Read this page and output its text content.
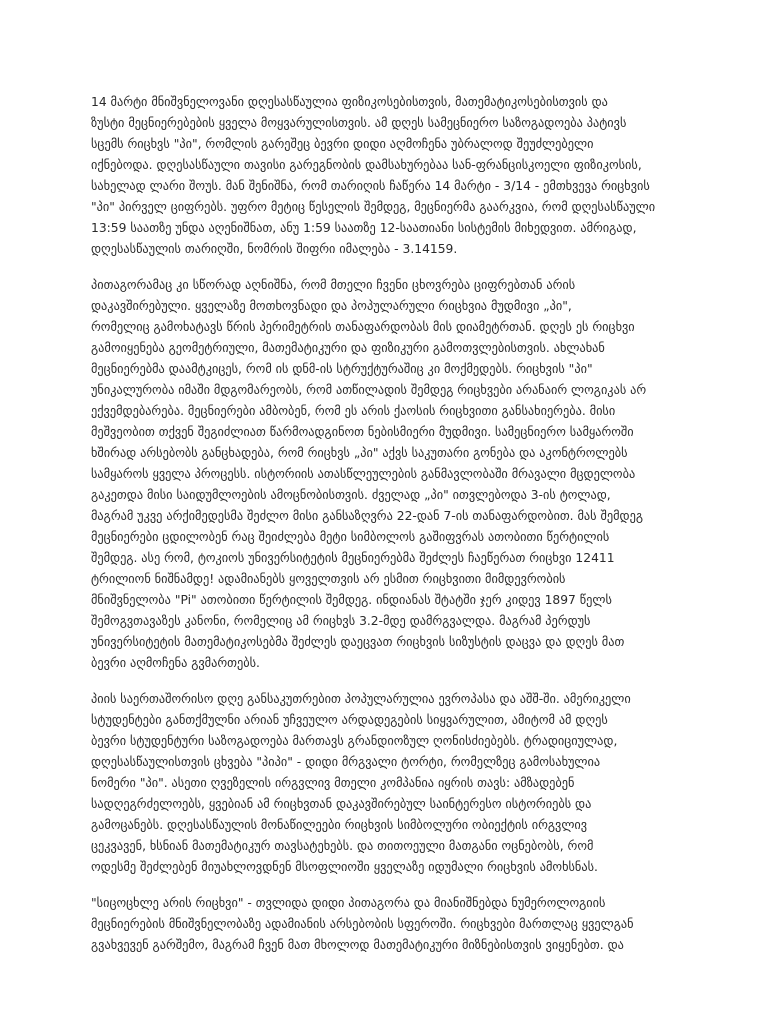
14 მარტი მნიშვნელოვანი დღესასწაულია ფიზიკოსებისთვის, მათემატიკოსებისთვის და
ზუსტი მეცნიერებების ყველა მოყვარულისთვის. ამ დღეს სამეცნიერო საზოგადოება პატივს
სცემს რიცხვს "პი", რომლის გარეშეც ბევრი დიდი აღმოჩენა უბრალოდ შეუძლებელი
იქნებოდა. დღესასწაული თავისი გარეგნობის დამსახურებაა სან-ფრანცისკოელი ფიზიკოსის,
სახელად ლარი შოუს. მან შენიშნა, რომ თარიღის ჩაწერა 14 მარტი - 3/14 - ემთხვევა რიცხვის
"პი" პირველ ციფრებს. უფრო მეტიც წესელის შემდეგ, მეცნიერმა გაარკვია, რომ დღესასწაული
13:59 საათზე უნდა აღენიშნათ, ანუ 1:59 საათზე 12-საათიანი სისტემის მიხედვით. ამრიგად,
დღესასწაულის თარიღში, ნომრის შიფრი იმალება - 3.14159.

პითაგორამაც კი სწორად აღნიშნა, რომ მთელი ჩვენი ცხოვრება ციფრებთან არის
დაკავშირებული. ყველაზე მოთხოვნადი და პოპულარული რიცხვია მუდმივი „პი",
რომელიც გამოხატავს წრის პერიმეტრის თანაფარდობას მის დიამეტრთან. დღეს ეს რიცხვი
გამოიყენება გეომეტრიული, მათემატიკური და ფიზიკური გამოთვლებისთვის. ახლახან
მეცნიერებმა დაამტკიცეს, რომ ის დნმ-ის სტრუქტურაშიც კი მოქმედებს. რიცხვის "პი"
უნიკალურობა იმაში მდგომარეობს, რომ ათწილადის შემდეგ რიცხვები არანაირ ლოგიკას არ
ექვემდებარება. მეცნიერები ამბობენ, რომ ეს არის ქაოსის რიცხვითი განსახიერება. მისი
მეშვეობით თქვენ შეგიძლიათ წარმოადგინოთ ნებისმიერი მუდმივი. სამეცნიერო სამყაროში
ხშირად არსებობს განცხადება, რომ რიცხვს „პი" აქვს საკუთარი გონება და აკონტროლებს
სამყაროს ყველა პროცესს. ისტორიის ათასწლეულების განმავლობაში მრავალი მცდელობა
გაკეთდა მისი საიდუმლოების ამოცნობისთვის. ძველად „პი" ითვლებოდა 3-ის ტოლად,
მაგრამ უკვე არქიმედესმა შეძლო მისი განსაზღვრა 22-დან 7-ის თანაფარდობით. მას შემდეგ
მეცნიერები ცდილობენ რაც შეიძლება მეტი სიმბოლოს გაშიფვრას ათობითი წერტილის
შემდეგ. ასე რომ, ტოკიოს უნივერსიტეტის მეცნიერებმა შეძლეს ჩაეწერათ რიცხვი 12411
ტრილიონ ნიშნამდე! ადამიანებს ყოველთვის არ ესმით რიცხვითი მიმდევრობის
მნიშვნელობა "Pi" ათობითი წერტილის შემდეგ. ინდიანას შტატში ჯერ კიდევ 1897 წელს
შემოგვთავაზეს კანონი, რომელიც ამ რიცხვს 3.2-მდე დამრგვალდა. მაგრამ პერდუს
უნივერსიტეტის მათემატიკოსებმა შეძლეს დაეცვათ რიცხვის სიზუსტის დაცვა და დღეს მათ
ბევრი აღმოჩენა გვმართებს.

პიის საერთაშორისო დღე განსაკუთრებით პოპულარულია ევროპასა და აშშ-ში. ამერიკელი
სტუდენტები განთქმულნი არიან უჩვეულო არდადეგების სიყვარულით, ამიტომ ამ დღეს
ბევრი სტუდენტური საზოგადოება მართავს გრანდიოზულ ღონისძიებებს. ტრადიციულად,
დღესასწაულისთვის ცხვება "პიპი" - დიდი მრგვალი ტორტი, რომელზეც გამოსახულია
ნომერი "პი". ასეთი ღვეზელის ირგვლივ მთელი კომპანია იყრის თავს: ამზადებენ
სადღეგრძელოებს, ყვებიან ამ რიცხვთან დაკავშირებულ საინტერესო ისტორიებს და
გამოცანებს. დღესასწაულის მონაწილეები რიცხვის სიმბოლური ობიექტის ირგვლივ
ცეკვავენ, ხსნიან მათემატიკურ თავსატეხებს. და თითოეული მათგანი ოცნებობს, რომ
ოდესმე შეძლებენ მიუახლოვდნენ მსოფლიოში ყველაზე იდუმალი რიცხვის ამოხსნას.

"სიცოცხლე არის რიცხვი" - თვლიდა დიდი პითაგორა და მიანიშნებდა ნუმეროლოგიის
მეცნიერების მნიშვნელობაზე ადამიანის არსებობის სფეროში. რიცხვები მართლაც ყველგან
გვახვევენ გარშემო, მაგრამ ჩვენ მათ მხოლოდ მათემატიკური მიზნებისთვის ვიყენებთ. და
